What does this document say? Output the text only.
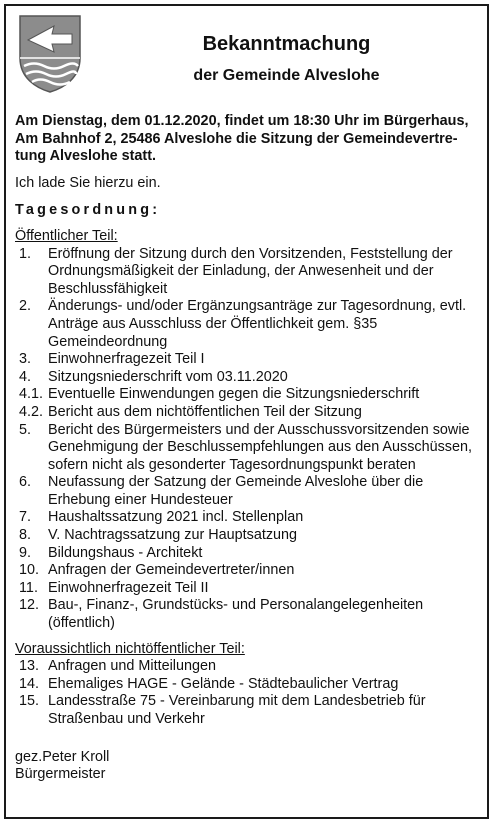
Bekanntmachung
der Gemeinde Alveslohe

Am Dienstag, dem 01.12.2020, findet um 18:30 Uhr im Bürgerhaus, Am Bahnhof 2, 25486 Alveslohe die Sitzung der Gemeindevertre-tung Alveslohe statt.

Ich lade Sie hierzu ein.

Tagesordnung:

Öffentlicher Teil:

1.	Eröffnung der Sitzung durch den Vorsitzenden, Feststellung der Ordnungsmäßigkeit der Einladung, der Anwesenheit und der Beschlussfähigkeit
2.	Änderungs- und/oder Ergänzungsanträge zur Tagesordnung, evtl. Anträge aus Ausschluss der Öffentlichkeit gem. §35 Gemeindeordnung
3.	Einwohnerfragezeit Teil I
4.	Sitzungsniederschrift vom 03.11.2020
4.1. Eventuelle Einwendungen gegen die Sitzungsniederschrift
4.2. Bericht aus dem nichtöffentlichen Teil der Sitzung
5.	Bericht des Bürgermeisters und der Ausschussvorsitzenden sowie Genehmigung der Beschlussempfehlungen aus den Ausschüssen, sofern nicht als gesonderter Tagesordnungspunkt beraten
6.	Neufassung der Satzung der Gemeinde Alveslohe über die Erhebung einer Hundesteuer
7.	Haushaltssatzung 2021 incl. Stellenplan
8.	V. Nachtragssatzung zur Hauptsatzung
9.	Bildungshaus - Architekt
10. Anfragen der Gemeindevertreter/innen
11. Einwohnerfragezeit Teil II
12. Bau-, Finanz-, Grundstücks- und Personalangelegenheiten (öffentlich)

Voraussichtlich nichtöffentlicher Teil:

13. Anfragen und Mitteilungen
14. Ehemaliges HAGE - Gelände - Städtebaulicher Vertrag
15. Landesstraße 75 - Vereinbarung mit dem Landesbetrieb für Straßenbau und Verkehr

gez.Peter Kroll

Bürgermeister
